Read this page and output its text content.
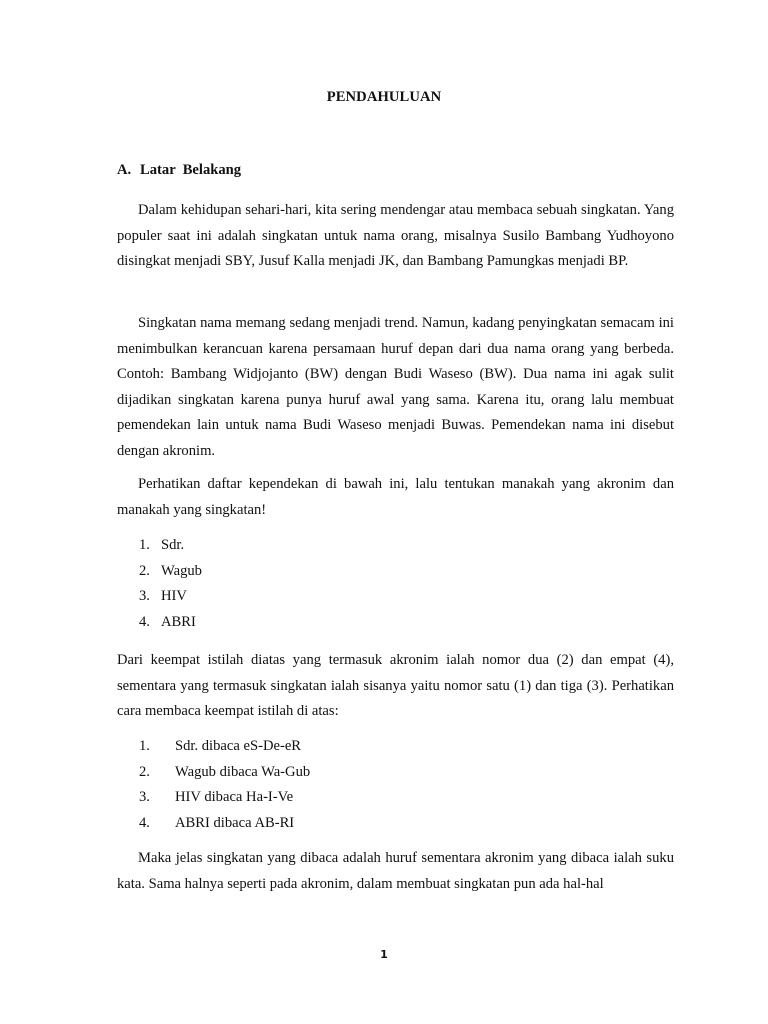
PENDAHULUAN
A. Latar  Belakang

Dalam kehidupan sehari-hari, kita sering mendengar atau membaca sebuah singkatan. Yang populer saat ini adalah singkatan untuk nama orang, misalnya Susilo Bambang Yudhoyono disingkat menjadi SBY, Jusuf Kalla menjadi JK, dan Bambang Pamungkas menjadi BP.

Singkatan nama memang sedang menjadi trend. Namun, kadang penyingkatan semacam ini menimbulkan kerancuan karena persamaan huruf depan dari dua nama orang yang berbeda. Contoh: Bambang Widjojanto (BW) dengan Budi Waseso (BW). Dua nama ini agak sulit dijadikan singkatan karena punya huruf awal yang sama. Karena itu, orang lalu membuat pemendekan lain untuk nama Budi Waseso menjadi Buwas. Pemendekan nama ini disebut dengan akronim.

Perhatikan daftar kependekan di bawah ini, lalu tentukan manakah yang akronim dan manakah yang singkatan!

1. Sdr.
2. Wagub
3. HIV
4. ABRI

Dari keempat istilah diatas yang termasuk akronim ialah nomor dua (2) dan empat (4), sementara yang termasuk singkatan ialah sisanya yaitu nomor satu (1) dan tiga (3). Perhatikan cara membaca keempat istilah di atas:

1. Sdr. dibaca eS-De-eR
2. Wagub dibaca Wa-Gub
3. HIV dibaca Ha-I-Ve
4. ABRI dibaca AB-RI

Maka jelas singkatan yang dibaca adalah huruf sementara akronim yang dibaca ialah suku kata. Sama halnya seperti pada akronim, dalam membuat singkatan pun ada hal-hal

1
